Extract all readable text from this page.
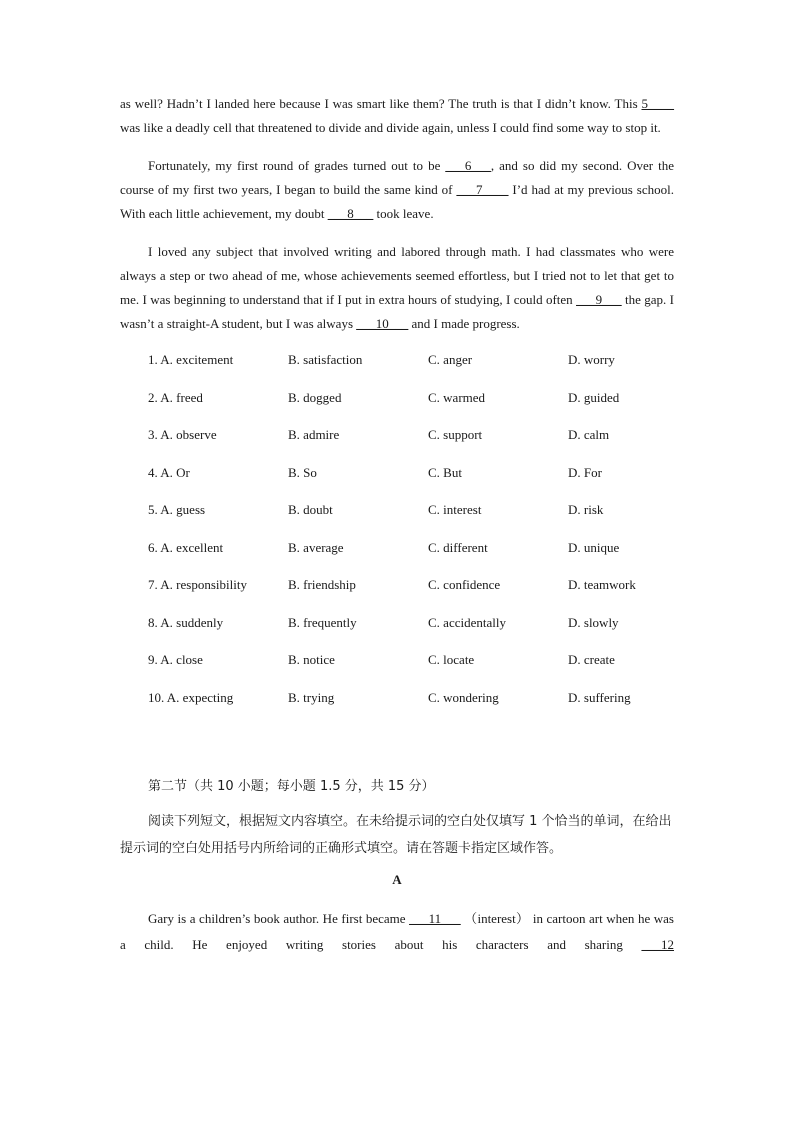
as well? Hadn’t I landed here because I was smart like them? The truth is that I didn’t know. This 5____ was like a deadly cell that threatened to divide and divide again, unless I could find some way to stop it.

Fortunately, my first round of grades turned out to be ___6___, and so did my second. Over the course of my first two years, I began to build the same kind of ___7____ I’d had at my previous school. With each little achievement, my doubt ___8___ took leave.

I loved any subject that involved writing and labored through math. I had classmates who were always a step or two ahead of me, whose achievements seemed effortless, but I tried not to let that get to me. I was beginning to understand that if I put in extra hours of studying, I could often ___9___ the gap. I wasn’t a straight-A student, but I was always ___10___ and I made progress.

1. A. excitement	B. satisfaction	C. anger	D. worry
2. A. freed	B. dogged	C. warmed	D. guided
3. A. observe	B. admire	C. support	D. calm
4. A. Or	B. So	C. But	D. For
5. A. guess	B. doubt	C. interest	D. risk
6. A. excellent	B. average	C. different	D. unique
7. A. responsibility	B. friendship	C. confidence	D. teamwork
8. A. suddenly	B. frequently	C. accidentally	D. slowly
9. A. close	B. notice	C. locate	D. create
10. A. expecting	B. trying	C. wondering	D. suffering
第二节（共 10 小题；每小题 1.5 分，共 15 分）

阅读下列短文，根据短文内容填空。在未给提示词的空白处仅填写 1 个恰当的单词，在给出提示词的空白处用括号内所给词的正确形式填空。请在答题卡指定区域作答。

A

Gary is a children’s book author. He first became ___11___ （interest） in cartoon art when he was a child. He enjoyed writing stories about his characters and sharing ___12
